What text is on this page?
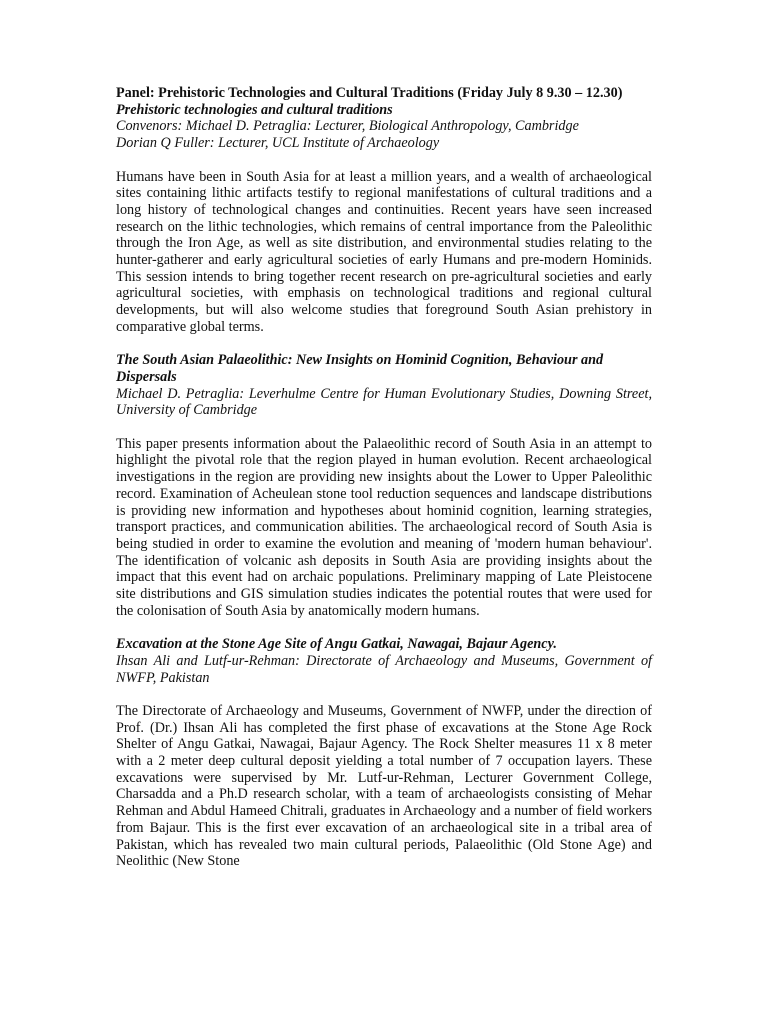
Panel: Prehistoric Technologies and Cultural Traditions (Friday July 8 9.30 – 12.30)

Prehistoric technologies and cultural traditions

Convenors: Michael D. Petraglia: Lecturer, Biological Anthropology, Cambridge

Dorian Q Fuller: Lecturer, UCL Institute of Archaeology

Humans have been in South Asia for at least a million years, and a wealth of archaeological sites containing lithic artifacts testify to regional manifestations of cultural traditions and a long history of technological changes and continuities. Recent years have seen increased research on the lithic technologies, which remains of central importance from the Paleolithic through the Iron Age, as well as site distribution, and environmental studies relating to the hunter-gatherer and early agricultural societies of early Humans and pre-modern Hominids. This session intends to bring together recent research on pre-agricultural societies and early agricultural societies, with emphasis on technological traditions and regional cultural developments, but will also welcome studies that foreground South Asian prehistory in comparative global terms.

The South Asian Palaeolithic: New Insights on Hominid Cognition, Behaviour and Dispersals

Michael D. Petraglia: Leverhulme Centre for Human Evolutionary Studies, Downing Street, University of Cambridge

This paper presents information about the Palaeolithic record of South Asia in an attempt to highlight the pivotal role that the region played in human evolution. Recent archaeological investigations in the region are providing new insights about the Lower to Upper Paleolithic record. Examination of Acheulean stone tool reduction sequences and landscape distributions is providing new information and hypotheses about hominid cognition, learning strategies, transport practices, and communication abilities. The archaeological record of South Asia is being studied in order to examine the evolution and meaning of 'modern human behaviour'. The identification of volcanic ash deposits in South Asia are providing insights about the impact that this event had on archaic populations. Preliminary mapping of Late Pleistocene site distributions and GIS simulation studies indicates the potential routes that were used for the colonisation of South Asia by anatomically modern humans.

Excavation at the Stone Age Site of Angu Gatkai, Nawagai, Bajaur Agency.

Ihsan Ali and Lutf-ur-Rehman: Directorate of Archaeology and Museums, Government of NWFP, Pakistan

The Directorate of Archaeology and Museums, Government of NWFP, under the direction of Prof. (Dr.) Ihsan Ali has completed the first phase of excavations at the Stone Age Rock Shelter of Angu Gatkai, Nawagai, Bajaur Agency. The Rock Shelter measures 11 x 8 meter with a 2 meter deep cultural deposit yielding a total number of 7 occupation layers. These excavations were supervised by Mr. Lutf-ur-Rehman, Lecturer Government College, Charsadda and a Ph.D research scholar, with a team of archaeologists consisting of Mehar Rehman and Abdul Hameed Chitrali, graduates in Archaeology and a number of field workers from Bajaur. This is the first ever excavation of an archaeological site in a tribal area of Pakistan, which has revealed two main cultural periods, Palaeolithic (Old Stone Age) and Neolithic (New Stone
